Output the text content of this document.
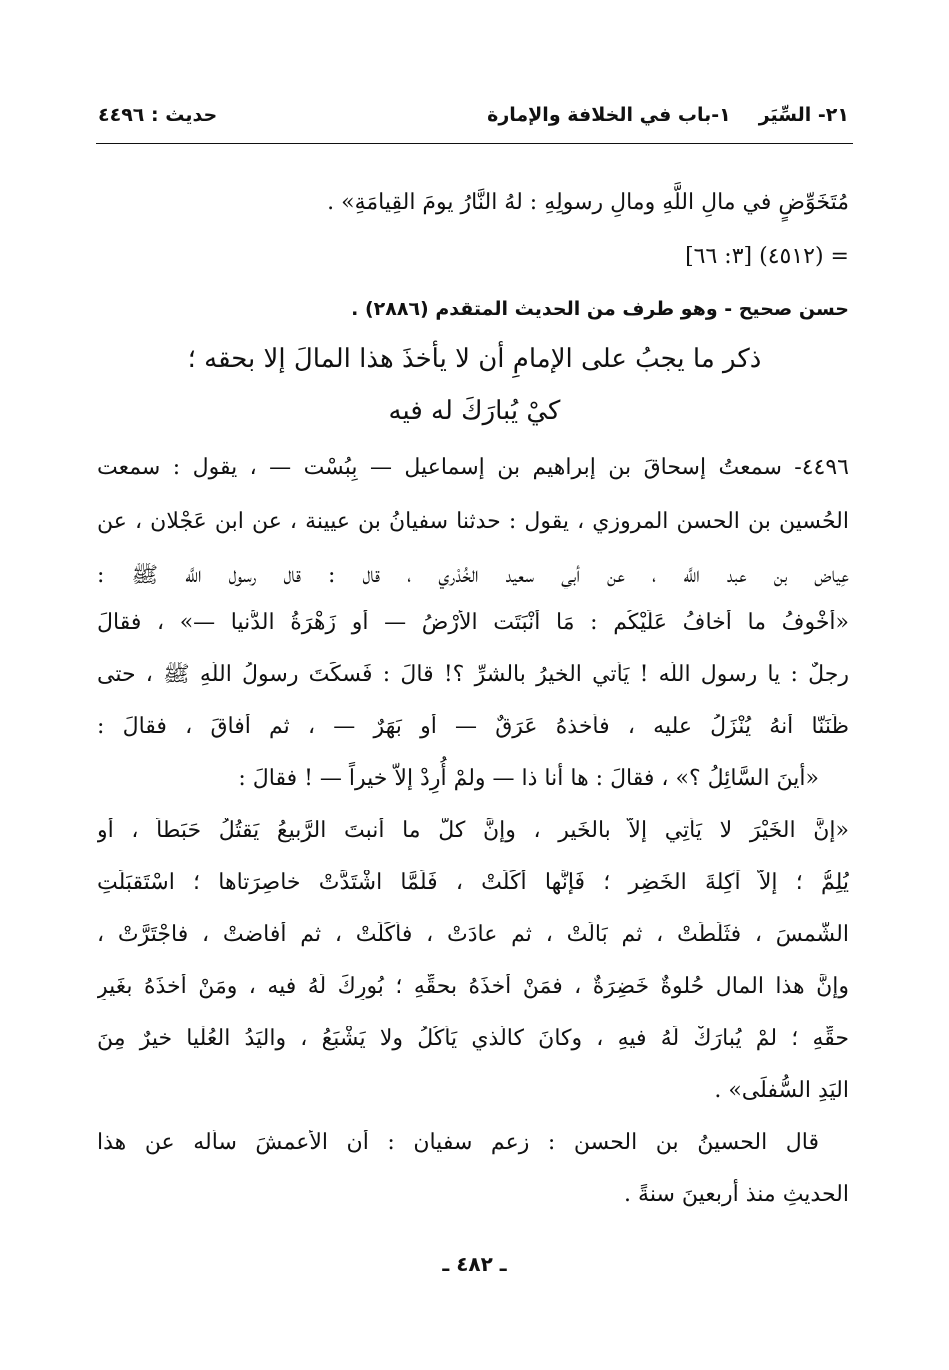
٢١- السِّيَر١-باب في الخلافة والإمارة
حديث : ٤٤٩٦
مُتَخَوِّضٍ في مالِ اللَّهِ ومالِ رسولِهِ : لهُ النَّارُ يومَ القِيامَةِ» .
= (٤٥١٢) [٣: ٦٦]
حسن صحيح - وهو طرف من الحديث المتقدم (٢٨٨٦) .
ذكر ما يجبُ على الإمامِ أن لا يأخذَ هذا المالَ إلا بحقه ؛
كيْ يُبارَكَ له فيه
٤٤٩٦- سمعتُ إسحاقَ بن إبراهيم بن إسماعيل — بِبُسْت — ، يقول : سمعت
الحُسين بن الحسن المروزي ، يقول : حدثنا سفيانُ بن عيينة ، عن ابن عَجْلان ، عن
عِياض بن عبد اللَّه ، عن أبي سعيد الخُدْري ، قال : قال رسول اللَّه ﷺ :
«أخْوفُ ما أخافُ عَلَيْكُم : مَا أَنْبَتَت الأَرْضُ — أو زَهْرَةُ الدُّنيا —» ، فقالَ
رجلٌ : يا رسول اللَّه ! يَأْتي الخيرُ بالشرِّ ؟! قالَ : فَسكَتَ رسولُ اللَّهِ ﷺ ، حتى
ظَنَنّا أنهُ يُنْزَلُ عليه ، فأخذهُ عَرَقٌ — أو بَهَرٌ — ، ثم أفاقَ ، فقالَ :
«أينَ السَّائِلُ ؟» ، فقالَ : ها أنا ذا — ولمْ أُرِدْ إلاّ خيراً — ! فقالَ :
«إنَّ الخَيْرَ لا يَأْتِي إلاّ بالخَير ، وإنَّ كلَّ ما أنبتَ الرَّبيعُ يَقتُلُ حَبَطاً ، أو
يُلِمُّ ؛ إلاّ آكِلةَ الخَضِر ؛ فَإنَّها أَكَلَتْ ، فَلَمَّا اشْتَدَّتْ خاصِرَتاها ؛ اسْتَقبَلَتِ
الشَّمسَ ، فثَلَطَتْ ، ثم بَالَتْ ، ثم عادَتْ ، فأَكَلَتْ ، ثم أفاضتْ ، فاجْتَرَّتْ ،
وإنَّ هذا المال حُلوةٌ خَضِرَةٌ ، فمَنْ أخذَهُ بحقِّهِ ؛ بُورِكَ لَهُ فيه ، ومَنْ أَخذَهُ بغَيرِ
حقِّهِ ؛ لمْ يُبارَكْ لَهُ فيهِ ، وكانَ كالَّذي يَأْكُلُ ولا يَشْبَعُ ، واليَدُ العُلْيا خيرٌ مِنَ
اليَدِ السُّفلَى» .
قال الحسينُ بن الحسن : زعم سفيان : أن الأعمشَ سأله عن هذا
الحديثِ منذ أربعينَ سنةً .
ـ ٤٨٢ ـ
